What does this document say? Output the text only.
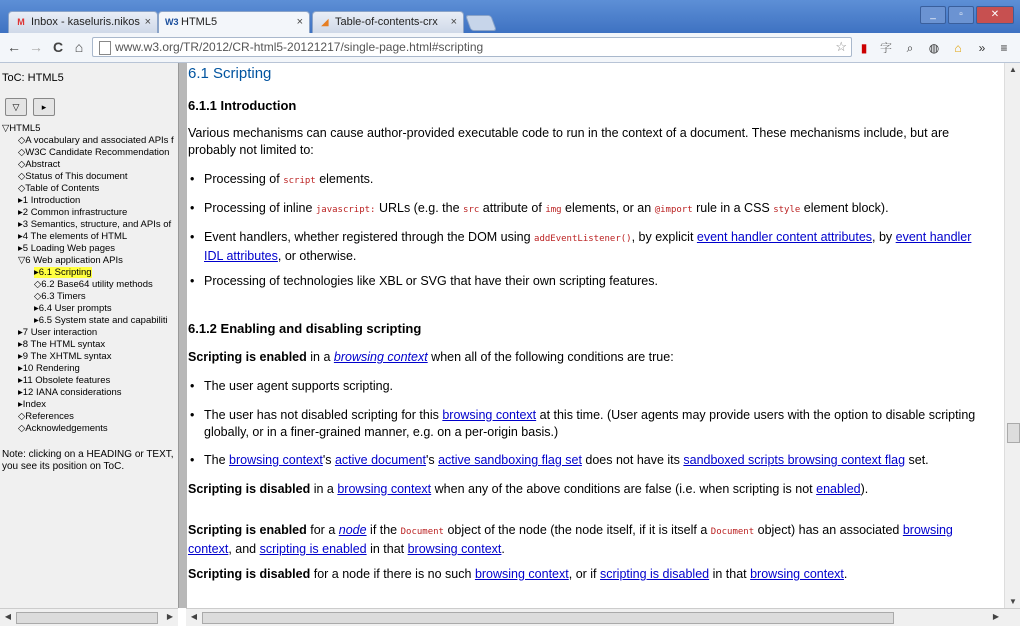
M Inbox - kaseluris.nikos × W3 HTML5	× ◢ Table-of-contents-crx ×
_	▫	✕
← → C ⌂	www.w3.org/TR/2012/CR-html5-20121217/single-page.html#scripting	☆	▮	字	⌕	◍	⌂	»	≡
ToC: HTML5
▽	▸
▽HTML5
◇A vocabulary and associated APIs f
◇W3C Candidate Recommendation
◇Abstract
◇Status of This document
◇Table of Contents
▸1 Introduction
▸2 Common infrastructure
▸3 Semantics, structure, and APIs of
▸4 The elements of HTML
▸5 Loading Web pages
▽6 Web application APIs
▸6.1 Scripting
◇6.2 Base64 utility methods
◇6.3 Timers
▸6.4 User prompts
▸6.5 System state and capabiliti
▸7 User interaction
▸8 The HTML syntax
▸9 The XHTML syntax
▸10 Rendering
▸11 Obsolete features
▸12 IANA considerations
▸Index
◇References
◇Acknowledgements
Note: clicking on a HEADING or TEXT, you see its position on ToC.
6.1 Scripting
6.1.1 Introduction
Various mechanisms can cause author-provided executable code to run in the context of a document. These mechanisms include, but are probably not limited to:
• Processing of script elements.
• Processing of inline javascript: URLs (e.g. the src attribute of img elements, or an @import rule in a CSS style element block).
• Event handlers, whether registered through the DOM using addEventListener(), by explicit event handler content attributes, by event handler IDL attributes, or otherwise.
• Processing of technologies like XBL or SVG that have their own scripting features.
6.1.2 Enabling and disabling scripting
Scripting is enabled in a browsing context when all of the following conditions are true:
• The user agent supports scripting.
• The user has not disabled scripting for this browsing context at this time. (User agents may provide users with the option to disable scripting globally, or in a finer-grained manner, e.g. on a per-origin basis.)
• The browsing context's active document's active sandboxing flag set does not have its sandboxed scripts browsing context flag set.
Scripting is disabled in a browsing context when any of the above conditions are false (i.e. when scripting is not enabled).
Scripting is enabled for a node if the Document object of the node (the node itself, if it is itself a Document object) has an associated browsing context, and scripting is enabled in that browsing context.
Scripting is disabled for a node if there is no such browsing context, or if scripting is disabled in that browsing context.
▲
▼
◀	▶	◀	▶
